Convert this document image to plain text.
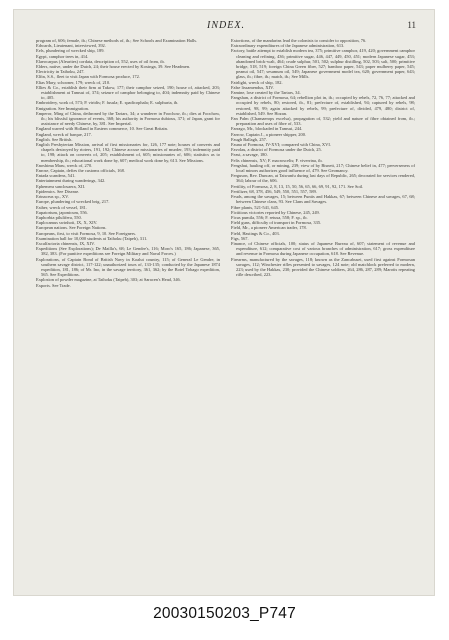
INDEX.	11

program of, 606; female, ib.; Chinese methods of, ib.; See Schools and Examination Halls.

Edwards, Lieutenant, interviewed, 392.

Eels, plundering of wrecked ship, 189.

Egypt, camphor trees in, 414.

Elaeocarpus (Aleurites) cordata, description of, 552, uses of oil from, ib.

Elders, native, under the Dutch, 24; their house erected by Koxinga, 39. See Headmen.

Electricity in Taihoku, 247.

Elfin, S.S., fleet to visit Japan with Formosa produce, 172.

Elias Mary, schooner, 179; wreck of, 210.

Ellies & Co., establish their firm at Takow, 177; their camphor seized, 190; house of, attacked, 203; establishment at Tamsui of, 374; seizure of camphor belonging to, 404; indemnity paid by Chinese to, 405.

Embroidery, work of, 573; P. viridis; F. fusula; E. spadicophala; E. sulphuria, ib.

Emigration. See Immigration.

Emperor, Ming of China, dethroned by the Tartars, 34; a wanderer in Foochow, ib.; dies at Foochow, ib.; his blissful ignorance of events, 368; his authority in Formosa dubious, 371; of Japan, grant for assistance of needy Chinese, by, 381. See Imperial.

England warred with Holland in Eastern commerce, 10. See Great Britain.

England, wreck of barque, 217.

English. See British.

English Presbyterian Mission, arrival of first missionaries for, 126, 177 note; houses of converts and chapels destroyed by rioters, 191, 192; Chinese accuse missionaries of murder, 193; indemnity paid to, 198; attack on converts of, 205; establishment of, 605; missionaries of, 606; statistics as to membership, ib.; educational work done by, 607; medical work done by, 613. See Missions.

Enoshima Maru, wreck of, 270.

Enrose, Captain, defies the customs officials, 168.

Entada scandens, 541.

Entertainment during wanderings, 342.

Ephemera sanclosaera, XII.

Epidemics. See Disease.

Erinaceus sp., XV.

Europe, plundering of wrecked brig, 217.

Esther, wreck of vessel, 181.

Eupatorium, japonicum, 556.

Euphorbia pilulifera, 550.

Euplocamus swinhoii, IX, X, XIV.

European nations. See Foreign Nations.

Europeans, first, to visit Formosa, 9, 10. See Foreigners.

Examination hall for 10,000 students at Taihoku (Taipeh), 311.

Excalfactoria chinensis, IX, XIV.

Expeditions (See Explorations); De Mailla's, 68; Le Gendre's, 116; Moro's 165, 186; Japanese, 365, 382, 383. (For punitive expeditions see Foreign Military and Naval Forces.)

Explorations, of Captain Bond of British Navy in Koalut country, 115; of General Le Gendre, in southern savage district, 117-122; unauthorized tours of, 133-135; conducted by the Japanese 1874 expedition, 181, 186; of Mr. Ino, in the savage territory, 361, 362; by the Botel Tobago expedition, 565. See Expeditions.

Explosion of powder magazine, at Taihoku (Taipeh), 303; at Saracen's Head, 346.

Exports. See Trade.

Extortions, of the mandarins lead the colonists to consider to opposition, 76.

Extraordinary expenditures of the Japanese administration, 613.

Factory, battle attempt to establish modern tea, 375; primitive camphor, 419, 420; government camphor cleaning and refining, 436; primitive sugar, 446, 447, 449, 450, 451; modern Japanese sugar, 453; abandoned brick-walt, 464; crude sulphur, 501, 502; sulphur distilling, 502, 503; salt, 500; primitive bridge, 518, 519; foreign China Green fiber, 527; bamboo paper, 543; paper mulberry paper, 545; peanut oil, 547; sesamum oil, 549; Japanese government model tea, 620; government paper, 643; glass, ib.; fibre, ib.; match, ib.; See Mills.

Fairlight, wreck of ship, 182.

False lissamendus, XIV.

Famine, lose created by the Tartars, 34.

Fangshan, a district of Formosa, 64; rebellion plot in, ib.; occupied by rebels, 72, 76, 77; attacked and occupied by rebels, 80; restored, ib., 81; prefecture of, established, 94; captured by rebels, 98; restored, 98, 99; again attacked by rebels, 99; prefecture of, divided, 479, 480; district of, established, 549. See Hozan.

Fan Palm (Chamaerops excelsa), propagation of, 532; yield and nature of fibre obtained from, ib.; preparation and uses of fibre of, 533.

Farrago, Mr., blockaded in Tamsui, 244.

Farrow, Captain J., a pioneer shipper, 200.

Faugh Ballagh, 257.

Fauna of Formosa, IV-XVI; compared with China, XVI.

Favolau, a district of Formosa under the Dutch, 25.

Feast, a savage, 180.

Felis chinensis, XV; F. macroscelis; F. viverrina, ib.

Fengshui, hauling off, or mining, 239; view of by Bisnett, 217; Chinese belief in, 477; perverseness of local minors authorizes good influence of, 479. See Geomancy.

Ferguson, Rev. Duncan, at Taiwanfu during last days of Republic, 265; decorated for services rendered, 364; labour of the, 606.

Fertility, of Formosa, 2, 8, 13, 15, 50, 56, 65, 66, 69, 91, 92, 171. See Soil.

Fertilizer, 68, 378, 456, 549, 550, 551, 557, 589.

Feuds, among the savages, 15; between Puntis and Hakkas, 67; between Chinese and savages, 67, 68; between Chinese clans, 93. See Clans and Savages.

Fibre plants, 521-541, 645.

Fictitious victories reported by Chinese, 245, 249.

Ficus pumila, 556; F. retusa, 558; F. sp., ib.

Field guns, difficulty of transport in Formosa, 335.

Field, Mr., a pioneer American trader, 178.

Field, Hastings & Co., 403.

Figs, 567.

Finance, of Chinese officials, 100; status of Japanese Bureau of, 607; statement of revenue and expenditure, 612; comparative cost of various branches of administration, 617; gross expenditure and revenue in Formosa during Japanese occupation, 618. See Revenue.

Firearms, manufactured by the savages, 118; known as the Zancabusei, used first against Formosan savages, 112; Winchester rifles presented to savages, 124 note; old matchlock preferred to modern, 223; used by the Hakkas, 230; provided the Chinese soldiers, 264, 286, 287, 289; Marotis repeating rifle described, 223.

20030150203_P747
